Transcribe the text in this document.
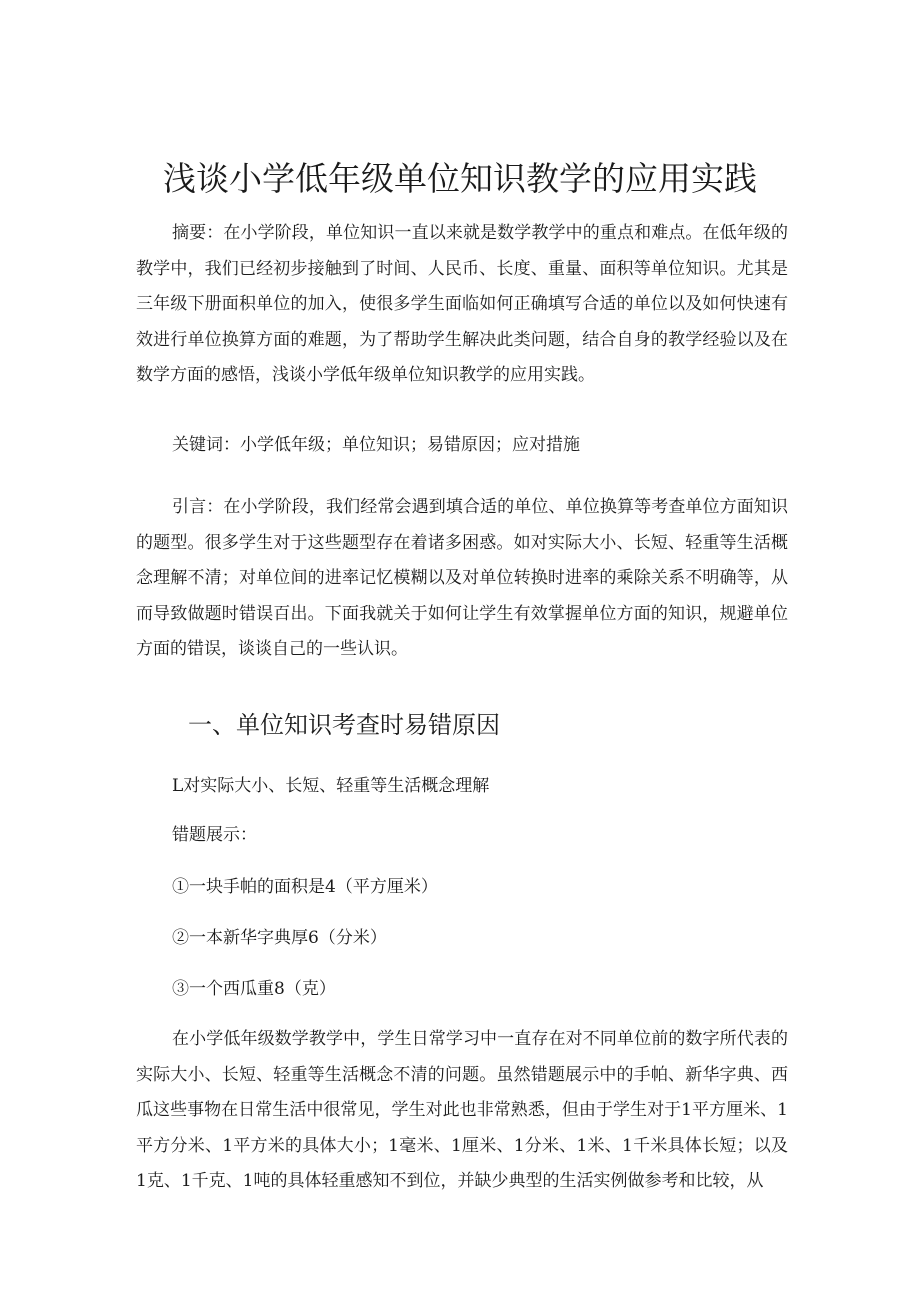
浅谈小学低年级单位知识教学的应用实践

摘要：在小学阶段，单位知识一直以来就是数学教学中的重点和难点。在低年级的教学中，我们已经初步接触到了时间、人民币、长度、重量、面积等单位知识。尤其是三年级下册面积单位的加入，使很多学生面临如何正确填写合适的单位以及如何快速有效进行单位换算方面的难题，为了帮助学生解决此类问题，结合自身的教学经验以及在数学方面的感悟，浅谈小学低年级单位知识教学的应用实践。

关键词：小学低年级；单位知识；易错原因；应对措施

引言：在小学阶段，我们经常会遇到填合适的单位、单位换算等考查单位方面知识的题型。很多学生对于这些题型存在着诸多困惑。如对实际大小、长短、轻重等生活概念理解不清；对单位间的进率记忆模糊以及对单位转换时进率的乘除关系不明确等，从而导致做题时错误百出。下面我就关于如何让学生有效掌握单位方面的知识，规避单位方面的错误，谈谈自己的一些认识。

一、单位知识考查时易错原因

L对实际大小、长短、轻重等生活概念理解

错题展示：

①一块手帕的面积是4（平方厘米）

②一本新华字典厚6（分米）

③一个西瓜重8（克）

在小学低年级数学教学中，学生日常学习中一直存在对不同单位前的数字所代表的实际大小、长短、轻重等生活概念不清的问题。虽然错题展示中的手帕、新华字典、西瓜这些事物在日常生活中很常见，学生对此也非常熟悉，但由于学生对于1平方厘米、1平方分米、1平方米的具体大小；1毫米、1厘米、1分米、1米、1千米具体长短；以及1克、1千克、1吨的具体轻重感知不到位，并缺少典型的生活实例做参考和比较，从
